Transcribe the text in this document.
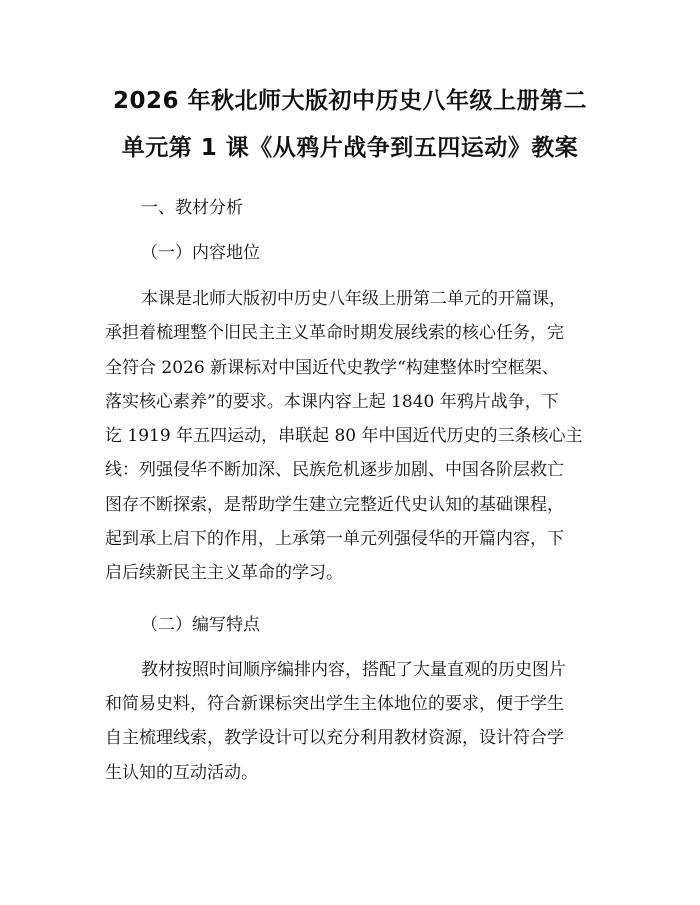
2026 年秋北师大版初中历史八年级上册第二
单元第 1 课《从鸦片战争到五四运动》教案

一、教材分析

（一）内容地位

本课是北师大版初中历史八年级上册第二单元的开篇课，
承担着梳理整个旧民主主义革命时期发展线索的核心任务，完
全符合 2026 新课标对中国近代史教学“构建整体时空框架、
落实核心素养”的要求。本课内容上起 1840 年鸦片战争，下
讫 1919 年五四运动，串联起 80 年中国近代历史的三条核心主
线：列强侵华不断加深、民族危机逐步加剧、中国各阶层救亡
图存不断探索，是帮助学生建立完整近代史认知的基础课程，
起到承上启下的作用，上承第一单元列强侵华的开篇内容，下
启后续新民主主义革命的学习。

（二）编写特点

教材按照时间顺序编排内容，搭配了大量直观的历史图片
和简易史料，符合新课标突出学生主体地位的要求，便于学生
自主梳理线索，教学设计可以充分利用教材资源，设计符合学
生认知的互动活动。
